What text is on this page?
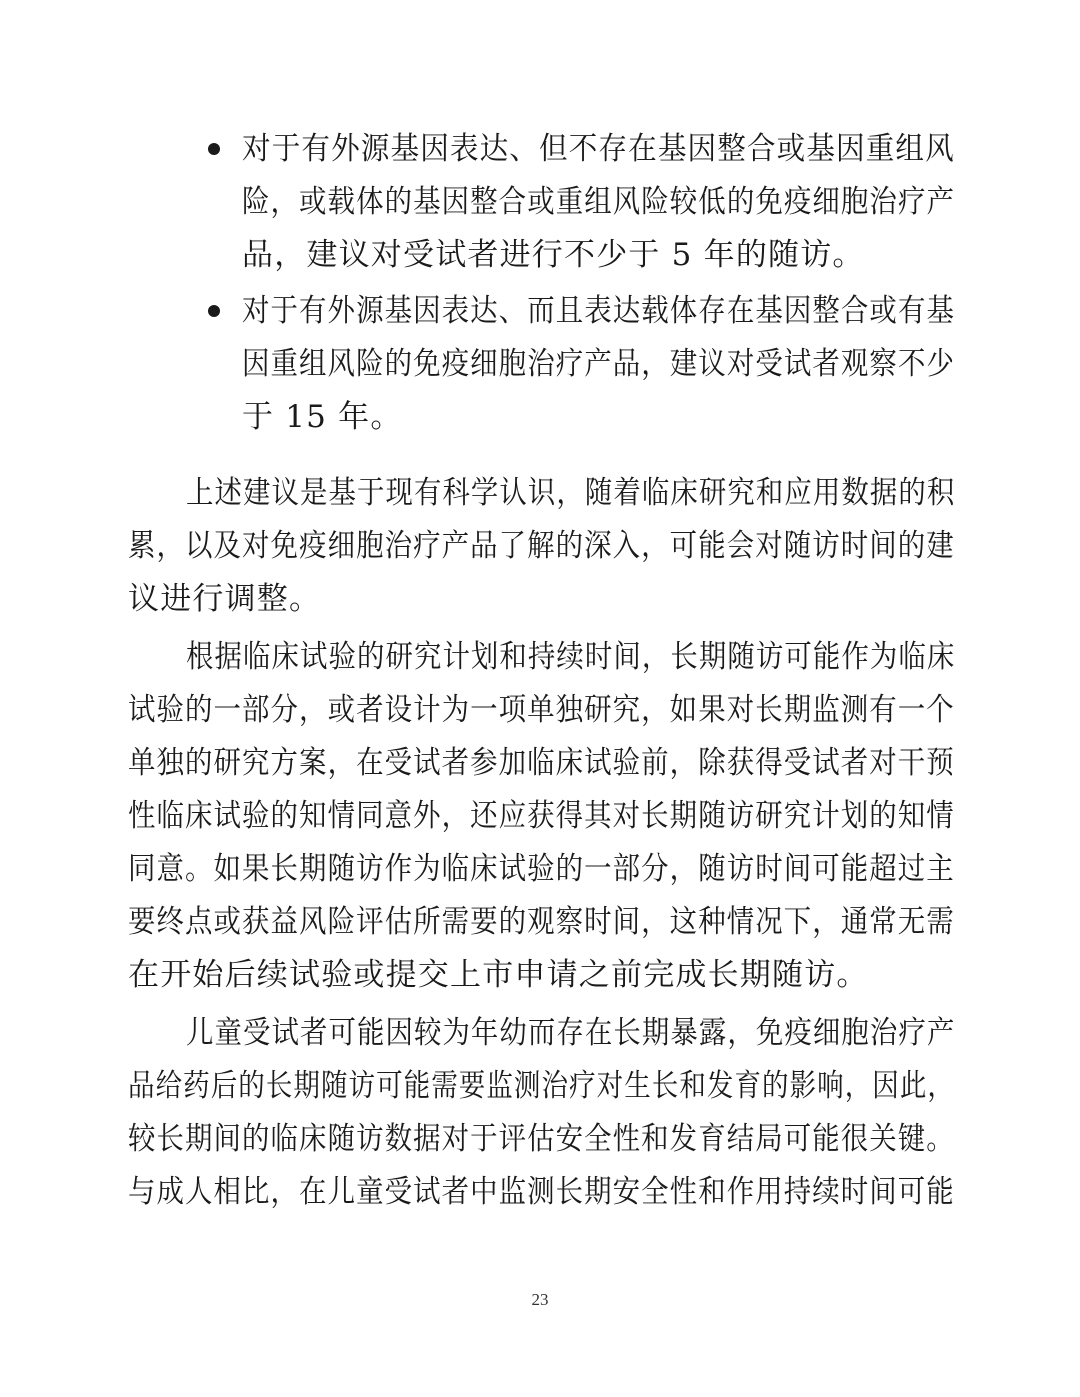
对于有外源基因表达、但不存在基因整合或基因重组风

险，或载体的基因整合或重组风险较低的免疫细胞治疗产

品，建议对受试者进行不少于 5 年的随访。

对于有外源基因表达、而且表达载体存在基因整合或有基

因重组风险的免疫细胞治疗产品，建议对受试者观察不少

于 15 年。

上述建议是基于现有科学认识，随着临床研究和应用数据的积

累，以及对免疫细胞治疗产品了解的深入，可能会对随访时间的建

议进行调整。

根据临床试验的研究计划和持续时间，长期随访可能作为临床

试验的一部分，或者设计为一项单独研究，如果对长期监测有一个

单独的研究方案，在受试者参加临床试验前，除获得受试者对干预

性临床试验的知情同意外，还应获得其对长期随访研究计划的知情

同意。如果长期随访作为临床试验的一部分，随访时间可能超过主

要终点或获益风险评估所需要的观察时间，这种情况下，通常无需

在开始后续试验或提交上市申请之前完成长期随访。

儿童受试者可能因较为年幼而存在长期暴露，免疫细胞治疗产

品给药后的长期随访可能需要监测治疗对生长和发育的影响，因此，

较长期间的临床随访数据对于评估安全性和发育结局可能很关键。

与成人相比，在儿童受试者中监测长期安全性和作用持续时间可能

23
